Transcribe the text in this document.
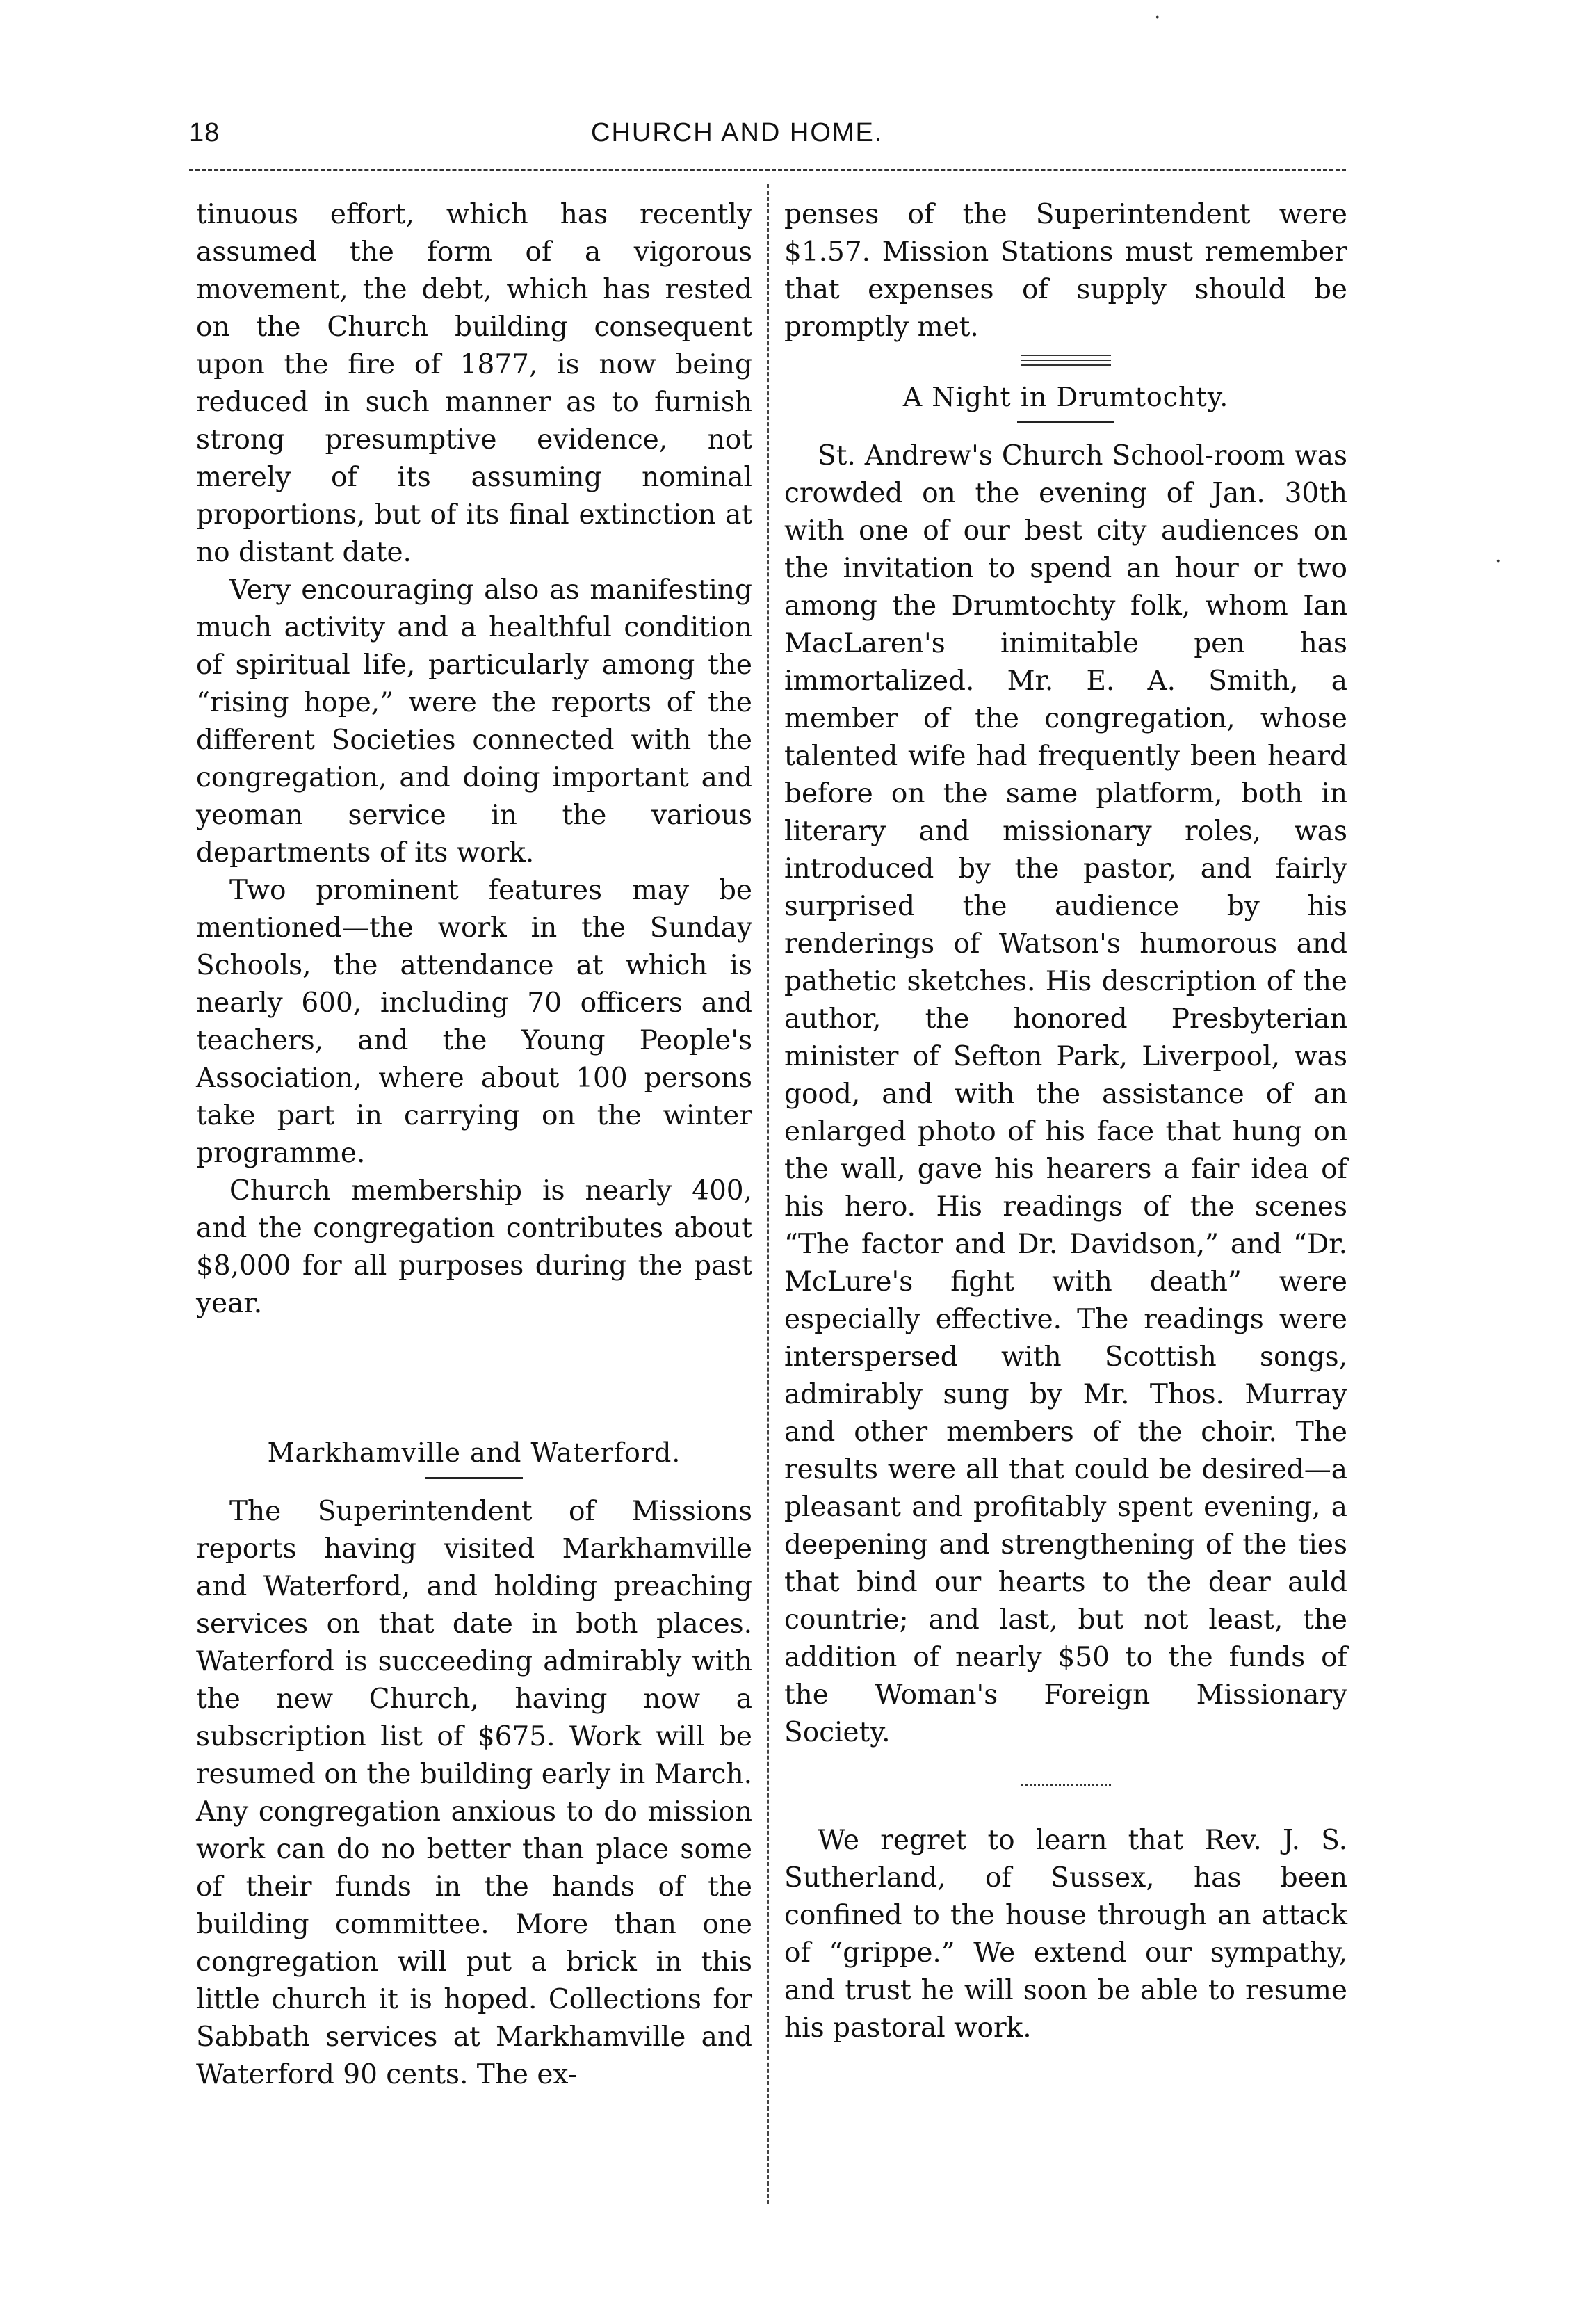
18	CHURCH AND HOME.

tinuous effort, which has recently assumed the form of a vigorous movement, the debt, which has rested on the Church building consequent upon the fire of 1877, is now being reduced in such manner as to furnish strong presumptive evidence, not merely of its assuming nominal proportions, but of its final extinction at no distant date.

Very encouraging also as manifesting much activity and a healthful condition of spiritual life, particularly among the “rising hope,” were the reports of the different Societies connected with the congregation, and doing important and yeoman service in the various departments of its work.

Two prominent features may be mentioned—the work in the Sunday Schools, the attendance at which is nearly 600, including 70 officers and teachers, and the Young People's Association, where about 100 persons take part in carrying on the winter programme.

Church membership is nearly 400, and the congregation contributes about $8,000 for all purposes during the past year.

Markhamville and Waterford.

The Superintendent of Missions reports having visited Markhamville and Waterford, and holding preaching services on that date in both places. Waterford is succeeding admirably with the new Church, having now a subscription list of $675. Work will be resumed on the building early in March. Any congregation anxious to do mission work can do no better than place some of their funds in the hands of the building committee. More than one congregation will put a brick in this little church it is hoped. Collections for Sabbath services at Markhamville and Waterford 90 cents. The ex-

penses of the Superintendent were $1.57. Mission Stations must remember that expenses of supply should be promptly met.

A Night in Drumtochty.

St. Andrew's Church School-room was crowded on the evening of Jan. 30th with one of our best city audiences on the invitation to spend an hour or two among the Drumtochty folk, whom Ian MacLaren's inimitable pen has immortalized. Mr. E. A. Smith, a member of the congregation, whose talented wife had frequently been heard before on the same platform, both in literary and missionary roles, was introduced by the pastor, and fairly surprised the audience by his renderings of Watson's humorous and pathetic sketches. His description of the author, the honored Presbyterian minister of Sefton Park, Liverpool, was good, and with the assistance of an enlarged photo of his face that hung on the wall, gave his hearers a fair idea of his hero. His readings of the scenes “The factor and Dr. Davidson,” and “Dr. McLure's fight with death” were especially effective. The readings were interspersed with Scottish songs, admirably sung by Mr. Thos. Murray and other members of the choir. The results were all that could be desired—a pleasant and profitably spent evening, a deepening and strengthening of the ties that bind our hearts to the dear auld countrie; and last, but not least, the addition of nearly $50 to the funds of the Woman's Foreign Missionary Society.

We regret to learn that Rev. J. S. Sutherland, of Sussex, has been confined to the house through an attack of “grippe.” We extend our sympathy, and trust he will soon be able to resume his pastoral work.

·
·
